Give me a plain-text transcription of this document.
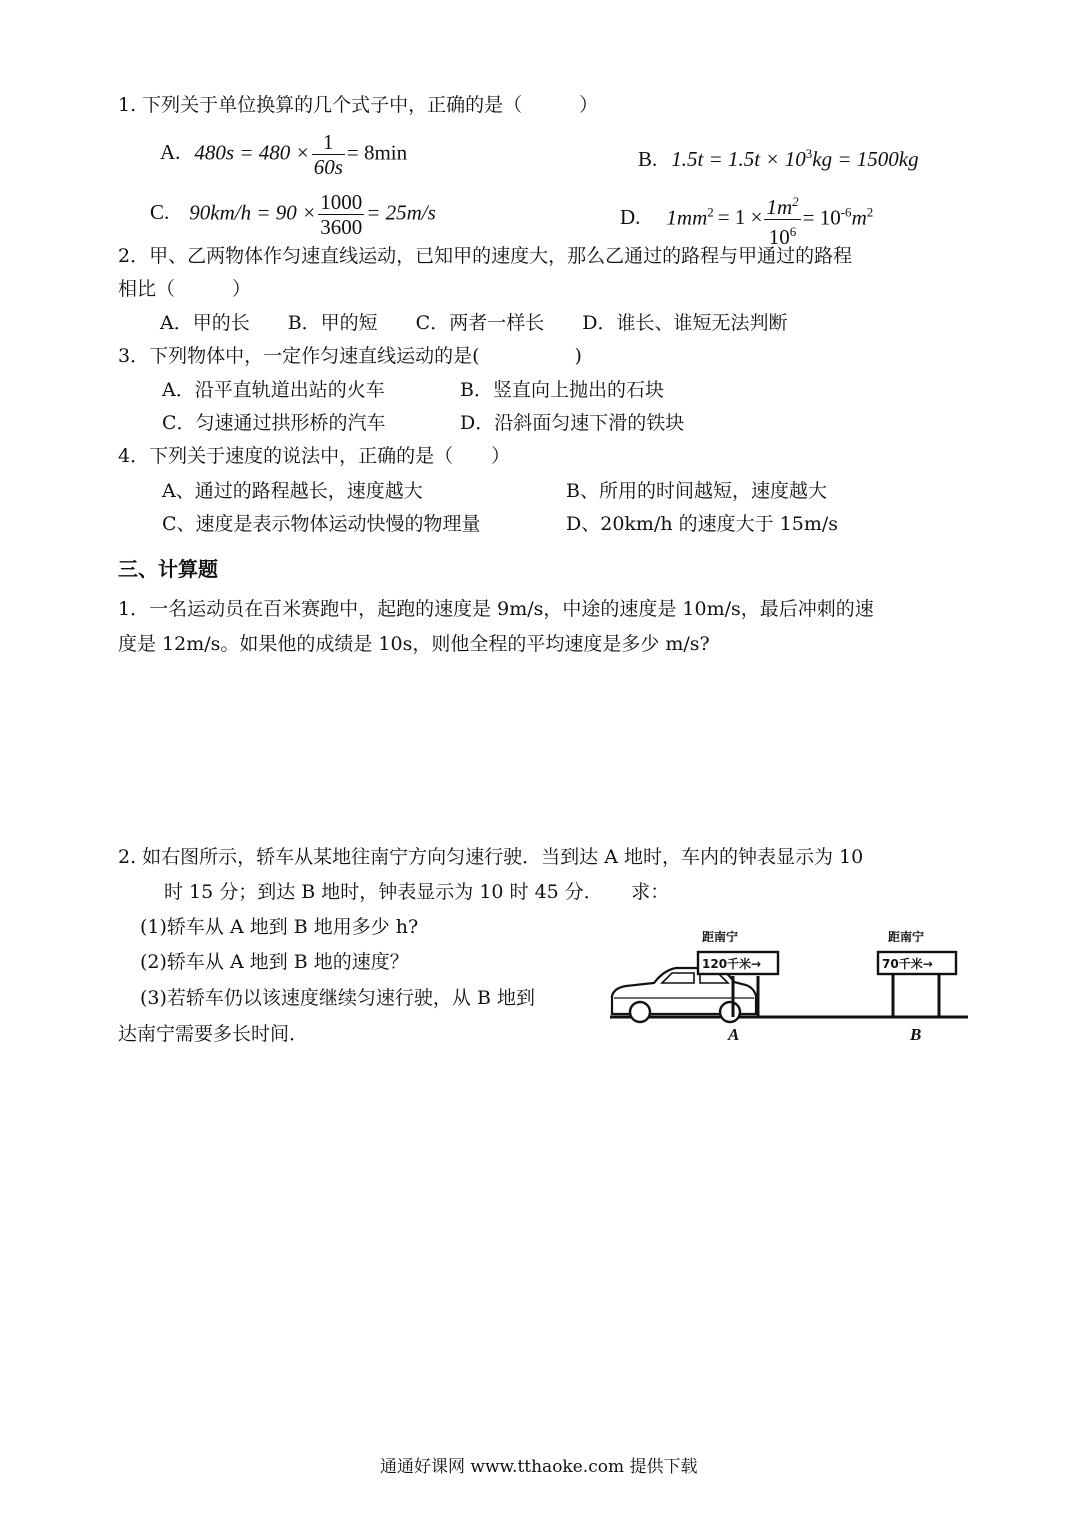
1. 下列关于单位换算的几个式子中，正确的是（　　　）
A. $480s = 480 \times \frac{1}{60s} = 8\min$	B. $1.5t = 1.5t \times 10^3kg = 1500kg$
C. $90km/h = 90 \times \frac{1000}{3600} = 25m/s$	D. $1mm^2 = 1 \times \frac{1m^2}{10^6} = 10^{-6}m^2$
2．甲、乙两物体作匀速直线运动，已知甲的速度大，那么乙通过的路程与甲通过的路程
相比（　　　）
A．甲的长　　B．甲的短　　C．两者一样长　　D．谁长、谁短无法判断
3．下列物体中，一定作匀速直线运动的是(　　　　　)
A．沿平直轨道出站的火车	B．竖直向上抛出的石块
C．匀速通过拱形桥的汽车	D．沿斜面匀速下滑的铁块
4．下列关于速度的说法中，正确的是（　　）
A、通过的路程越长，速度越大	B、所用的时间越短，速度越大
C、速度是表示物体运动快慢的物理量	D、20km/h 的速度大于 15m/s
三、计算题
1．一名运动员在百米赛跑中，起跑的速度是 9m/s，中途的速度是 10m/s，最后冲刺的速
度是 12m/s。如果他的成绩是 10s，则他全程的平均速度是多少 m/s?
2. 如右图所示，轿车从某地往南宁方向匀速行驶．当到达 A 地时，车内的钟表显示为 10
时 15 分；到达 B 地时，钟表显示为 10 时 45 分．　　求：
(1)轿车从 A 地到 B 地用多少 h?
(2)轿车从 A 地到 B 地的速度？
(3)若轿车仍以该速度继续匀速行驶，从 B 地到
达南宁需要多长时间．
距南宁
120千米→
距南宁
70千米→
A	B
通通好课网 www.tthaoke.com 提供下载
